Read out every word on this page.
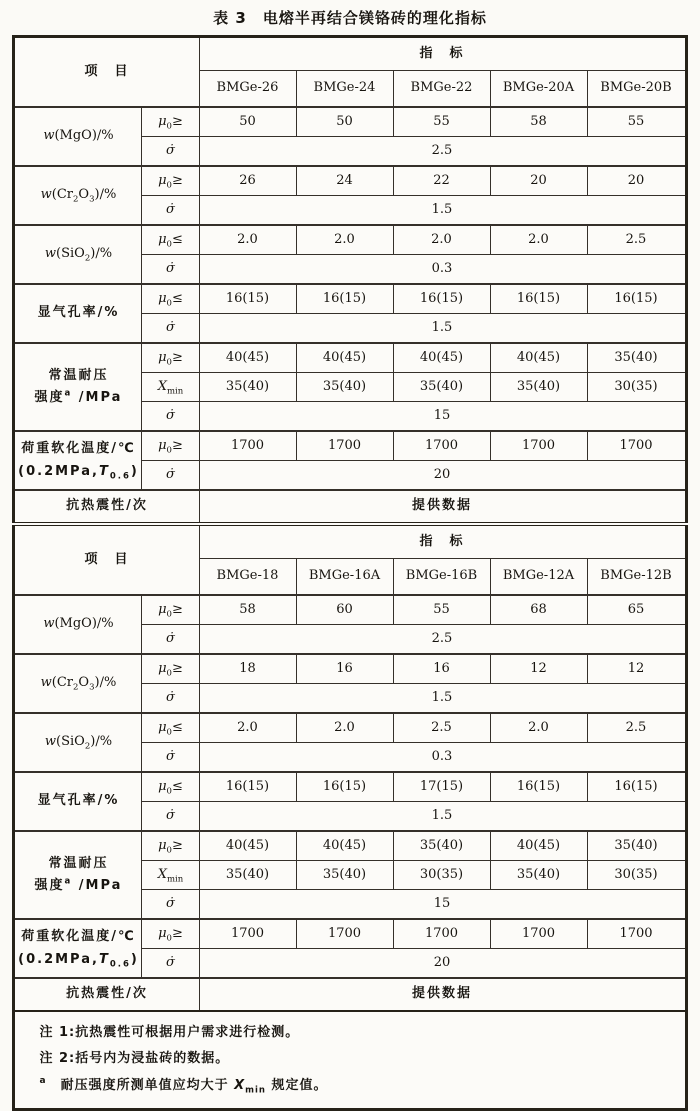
表 3　电熔半再结合镁铬砖的理化指标
项　目		指　标				
		BMGe-26	BMGe-24	BMGe-22	BMGe-20A	BMGe-20B

w(MgO)/%	$\mu_0\ge$	50	50	55	58	55
	σ̇	2.5				

$w(Cr_2O_3)/\%$	$\mu_0\ge$	26	24	22	20	20
	σ̇	1.5				

w(SiO$_2$)/%	$\mu_0\le$	2.0	2.0	2.0	2.0	2.5
	σ̇	0.3				

显气孔率/%	$\mu_0\le$	16(15)	16(15)	16(15)	16(15)	16(15)
	σ̇	1.5				

常温耐压
强度$^a$ /MPa	$\mu_0\ge$	40(45)	40(45)	40(45)	40(45)	35(40)
	$X_{min}$	35(40)	35(40)	35(40)	35(40)	30(35)
	σ̇	15				

荷重软化温度/℃
$(0.2MPa,T_{0.6})$	$\mu_0\ge$	1700	1700	1700	1700	1700
	σ̇	20				
抗热震性/次		提供数据				
项　目		指　标				
		BMGe-18	BMGe-16A	BMGe-16B	BMGe-12A	BMGe-12B

w(MgO)/%	$\mu_0\ge$	58	60	55	68	65
	σ̇	2.5				

$w(Cr_2O_3)/\%$	$\mu_0\ge$	18	16	16	12	12
	σ̇	1.5				

w(SiO$_2$)/%	$\mu_0\le$	2.0	2.0	2.5	2.0	2.5
	σ̇	0.3				

显气孔率/%	$\mu_0\le$	16(15)	16(15)	17(15)	16(15)	16(15)
	σ̇	1.5				

常温耐压
强度$^a$ /MPa	$\mu_0\ge$	40(45)	40(45)	35(40)	40(45)	35(40)
	$X_{min}$	35(40)	35(40)	30(35)	35(40)	30(35)
	σ̇	15				

荷重软化温度/℃
$(0.2MPa,T_{0.6})$	$\mu_0\ge$	1700	1700	1700	1700	1700
	σ̇	20				
抗热震性/次		提供数据				

注 1:抗热震性可根据用户需求进行检测。
注 2:括号内为浸盐砖的数据。
$^a$ 耐压强度所测单值应均大于 $X_{min}$ 规定值。						
